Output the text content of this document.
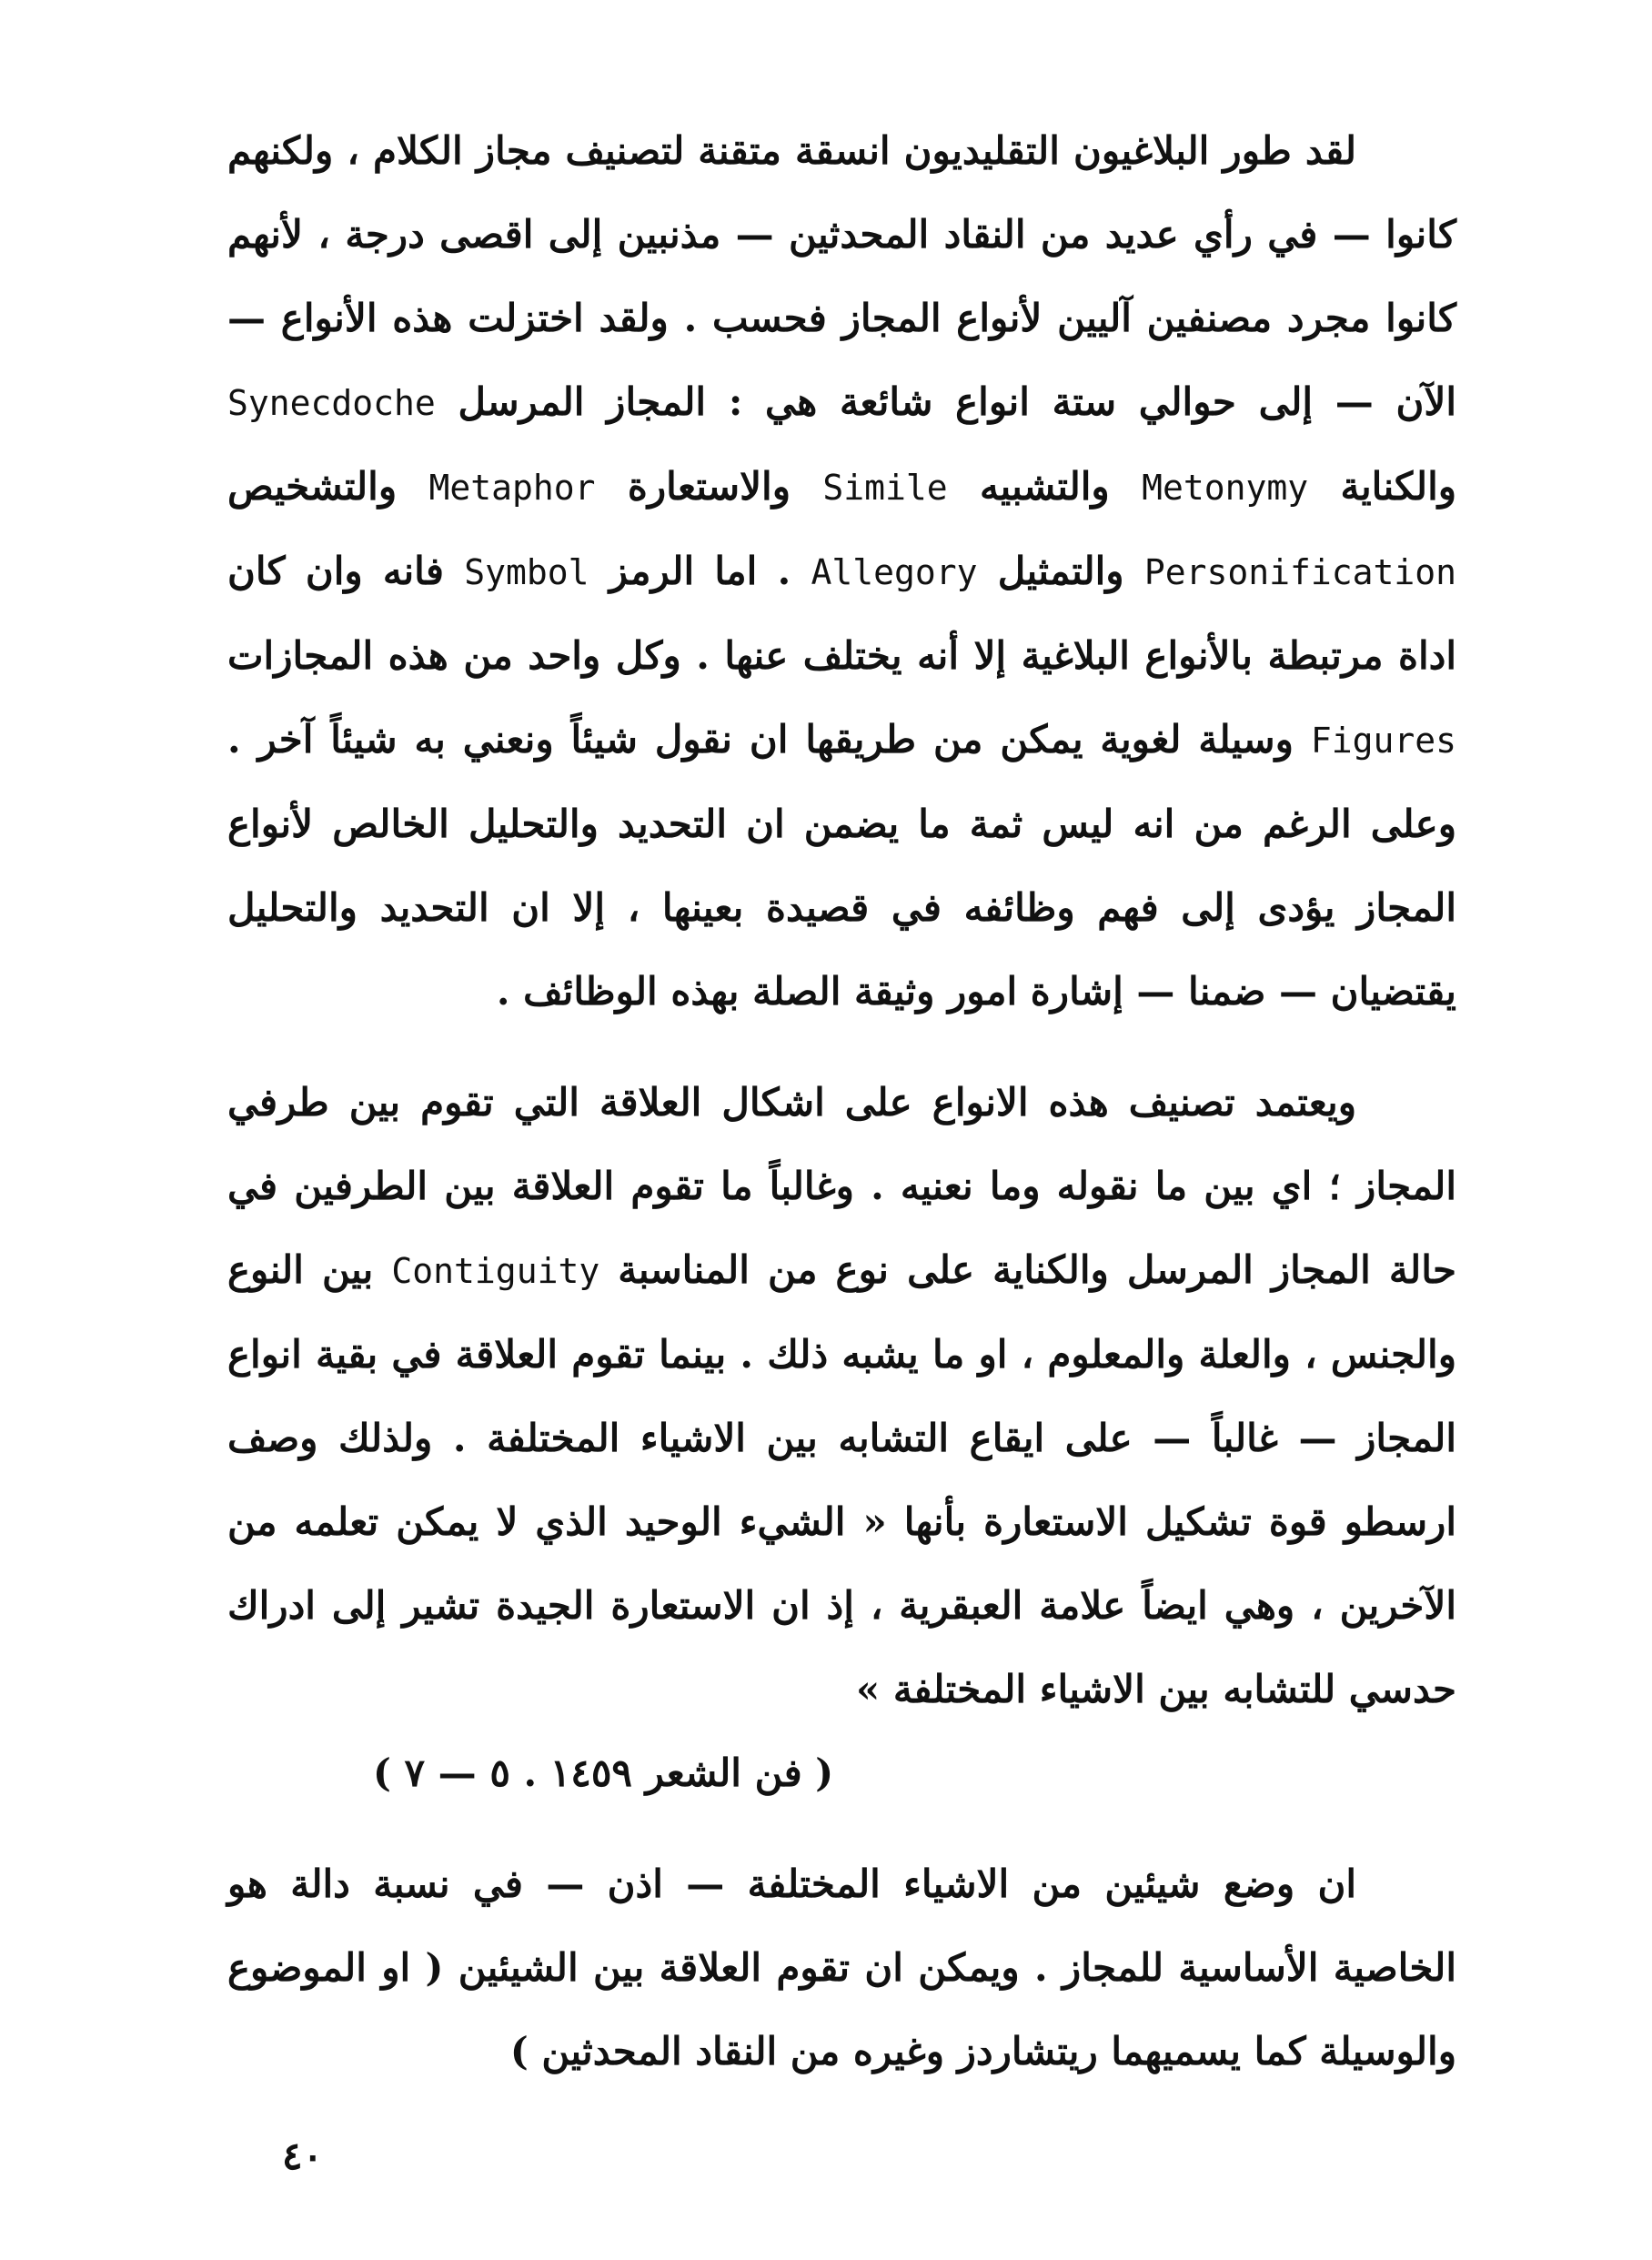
لقد طور البلاغيون التقليديون انسقة متقنة لتصنيف مجاز الكلام ، ولكنهم كانوا — في رأي عديد من النقاد المحدثين — مذنبين إلى اقصى درجة ، لأنهم كانوا مجرد مصنفين آليين لأنواع المجاز فحسب . ولقد اختزلت هذه الأنواع — الآن — إلى حوالي ستة انواع شائعة هي : المجاز المرسل Synecdoche والكناية Metonymy والتشبيه Simile والاستعارة Metaphor والتشخيص Personification والتمثيل Allegory . اما الرمز Symbol فانه وان كان اداة مرتبطة بالأنواع البلاغية إلا أنه يختلف عنها . وكل واحد من هذه المجازات Figures وسيلة لغوية يمكن من طريقها ان نقول شيئاً ونعني به شيئاً آخر . وعلى الرغم من انه ليس ثمة ما يضمن ان التحديد والتحليل الخالص لأنواع المجاز يؤدى إلى فهم وظائفه في قصيدة بعينها ، إلا ان التحديد والتحليل يقتضيان — ضمنا — إشارة امور وثيقة الصلة بهذه الوظائف .

ويعتمد تصنيف هذه الانواع على اشكال العلاقة التي تقوم بين طرفي المجاز ؛ اي بين ما نقوله وما نعنيه . وغالباً ما تقوم العلاقة بين الطرفين في حالة المجاز المرسل والكناية على نوع من المناسبة Contiguity بين النوع والجنس ، والعلة والمعلوم ، او ما يشبه ذلك . بينما تقوم العلاقة في بقية انواع المجاز — غالباً — على ايقاع التشابه بين الاشياء المختلفة . ولذلك وصف ارسطو قوة تشكيل الاستعارة بأنها « الشيء الوحيد الذي لا يمكن تعلمه من الآخرين ، وهي ايضاً علامة العبقرية ، إذ ان الاستعارة الجيدة تشير إلى ادراك حدسي للتشابه بين الاشياء المختلفة »

( فن الشعر ١٤٥٩ . ٥ — ٧ )

ان وضع شيئين من الاشياء المختلفة — اذن — في نسبة دالة هو الخاصية الأساسية للمجاز . ويمكن ان تقوم العلاقة بين الشيئين ( او الموضوع والوسيلة كما يسميهما ريتشاردز وغيره من النقاد المحدثين )

٤٠
